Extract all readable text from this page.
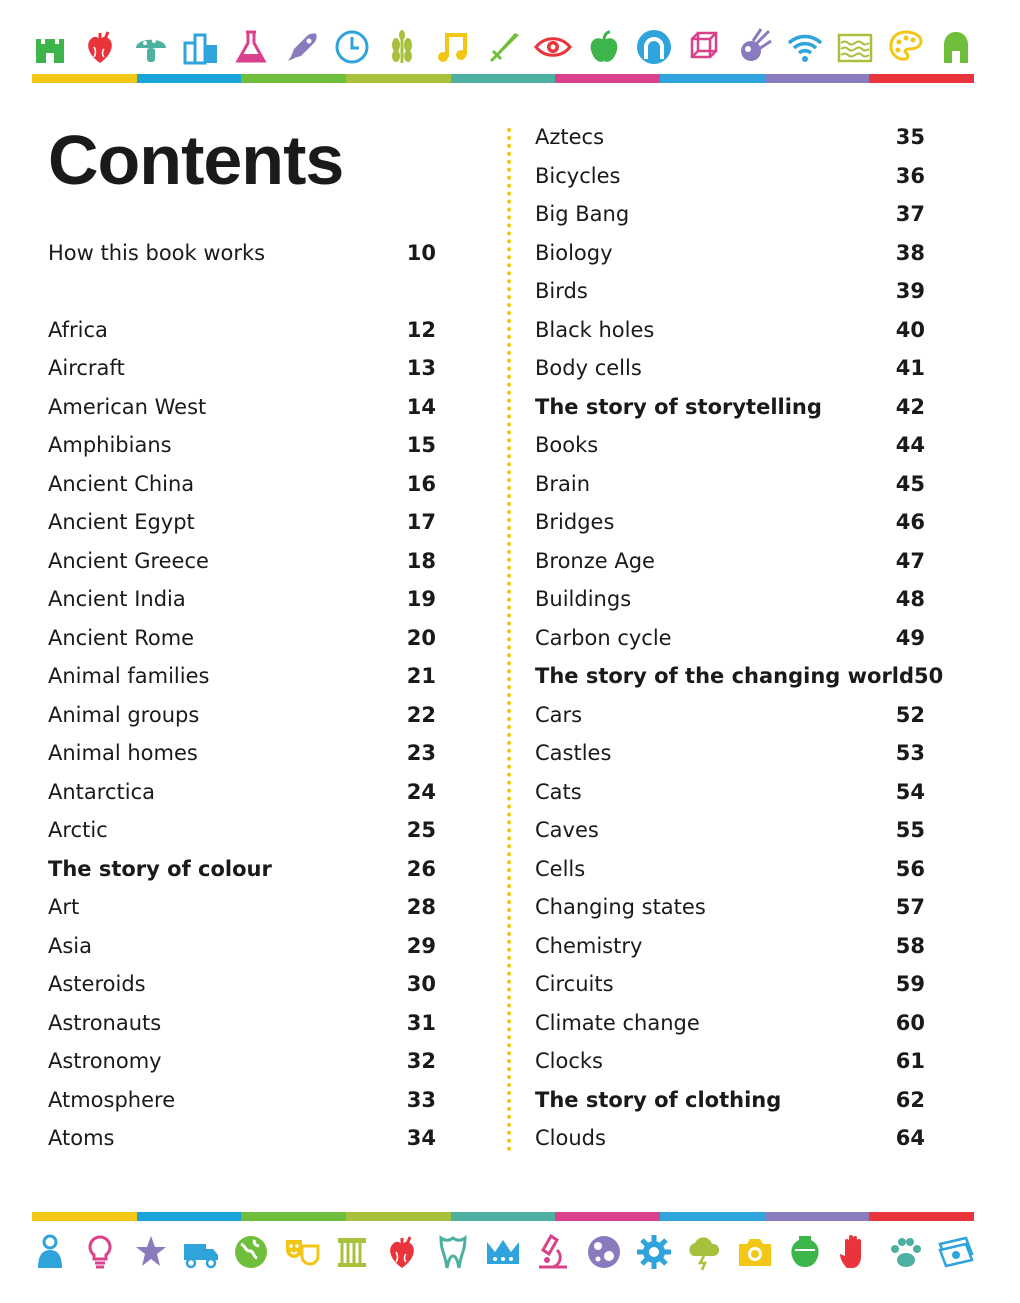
Contents
How this book works	10
Africa	12
Aircraft	13
American West	14
Amphibians	15
Ancient China	16
Ancient Egypt	17
Ancient Greece	18
Ancient India	19
Ancient Rome	20
Animal families	21
Animal groups	22
Animal homes	23
Antarctica	24
Arctic	25
The story of colour	26
Art	28
Asia	29
Asteroids	30
Astronauts	31
Astronomy	32
Atmosphere	33
Atoms	34
Aztecs	35
Bicycles	36
Big Bang	37
Biology	38
Birds	39
Black holes	40
Body cells	41
The story of storytelling	42
Books	44
Brain	45
Bridges	46
Bronze Age	47
Buildings	48
Carbon cycle	49
The story of the changing world 50
Cars	52
Castles	53
Cats	54
Caves	55
Cells	56
Changing states	57
Chemistry	58
Circuits	59
Climate change	60
Clocks	61
The story of clothing	62
Clouds	64
